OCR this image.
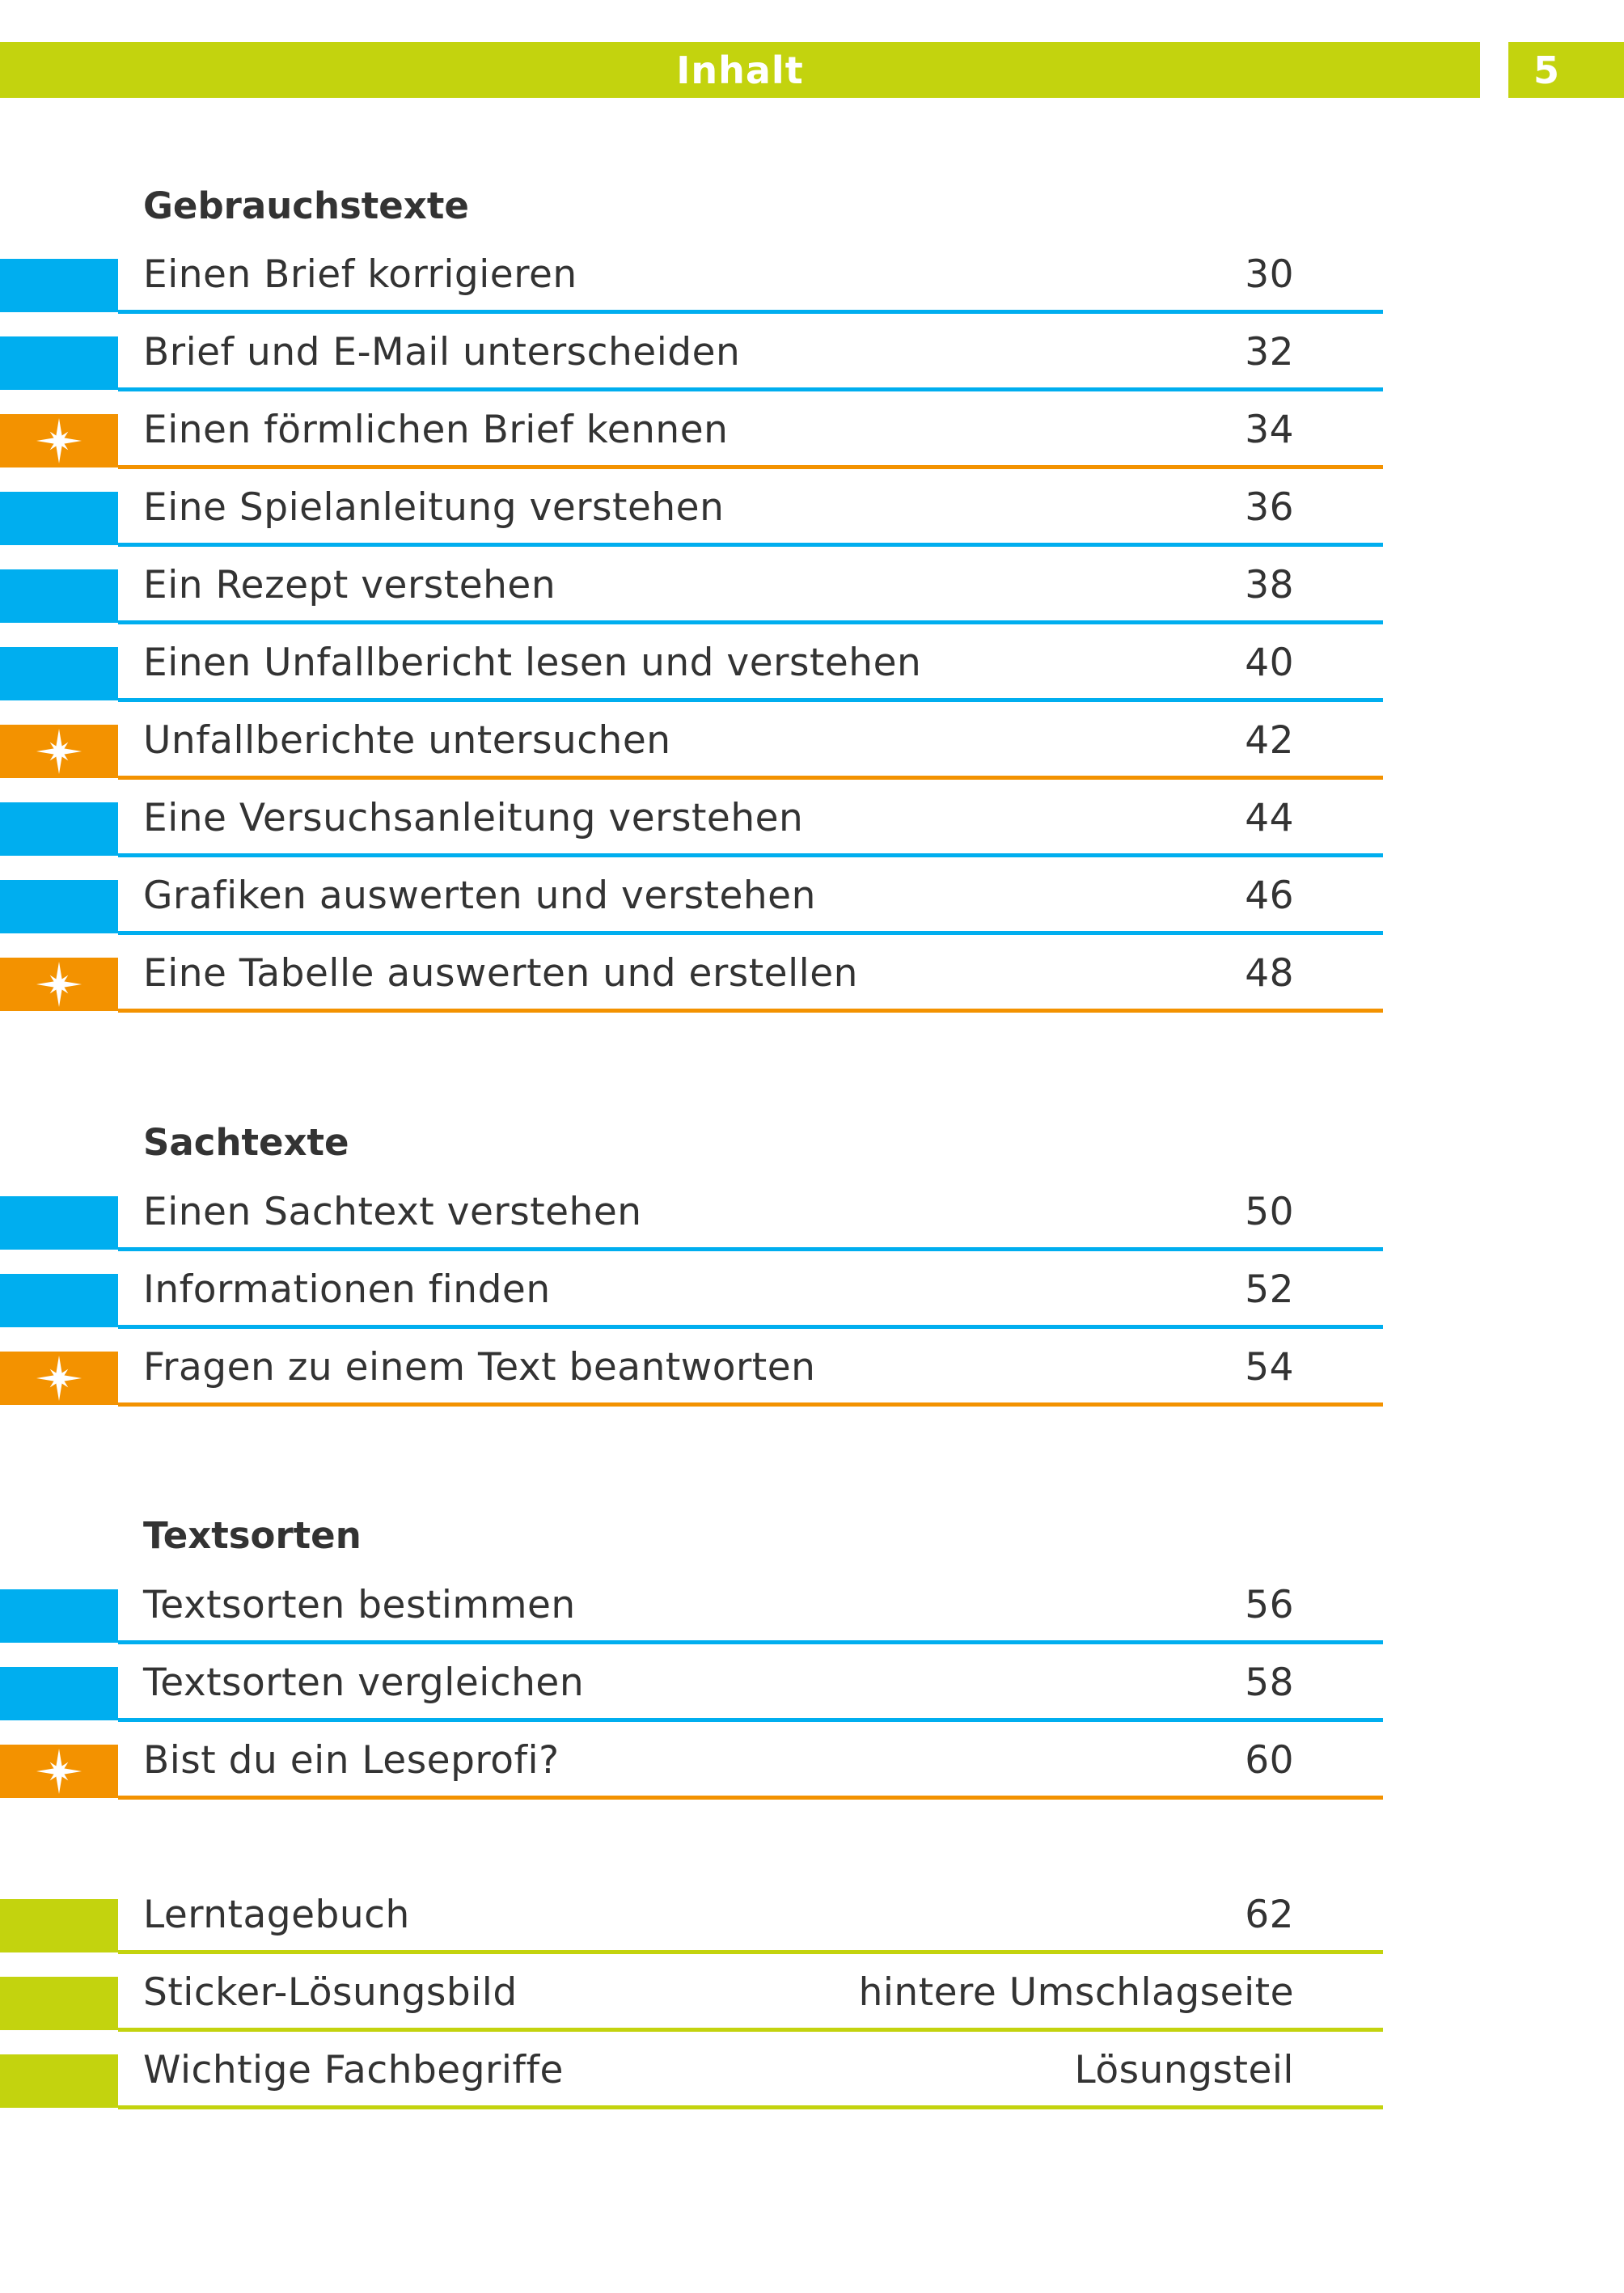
Inhalt	5
Gebrauchstexte
Einen Brief korrigieren	30
Brief und E-Mail unterscheiden	32
Einen förmlichen Brief kennen	34
Eine Spielanleitung verstehen	36
Ein Rezept verstehen	38
Einen Unfallbericht lesen und verstehen	40
Unfallberichte untersuchen	42
Eine Versuchsanleitung verstehen	44
Grafiken auswerten und verstehen	46
Eine Tabelle auswerten und erstellen	48
Sachtexte
Einen Sachtext verstehen	50
Informationen finden	52
Fragen zu einem Text beantworten	54
Textsorten
Textsorten bestimmen	56
Textsorten vergleichen	58
Bist du ein Leseprofi?	60
Lerntagebuch	62
Sticker-Lösungsbild	hintere Umschlagseite
Wichtige Fachbegriffe	Lösungsteil
